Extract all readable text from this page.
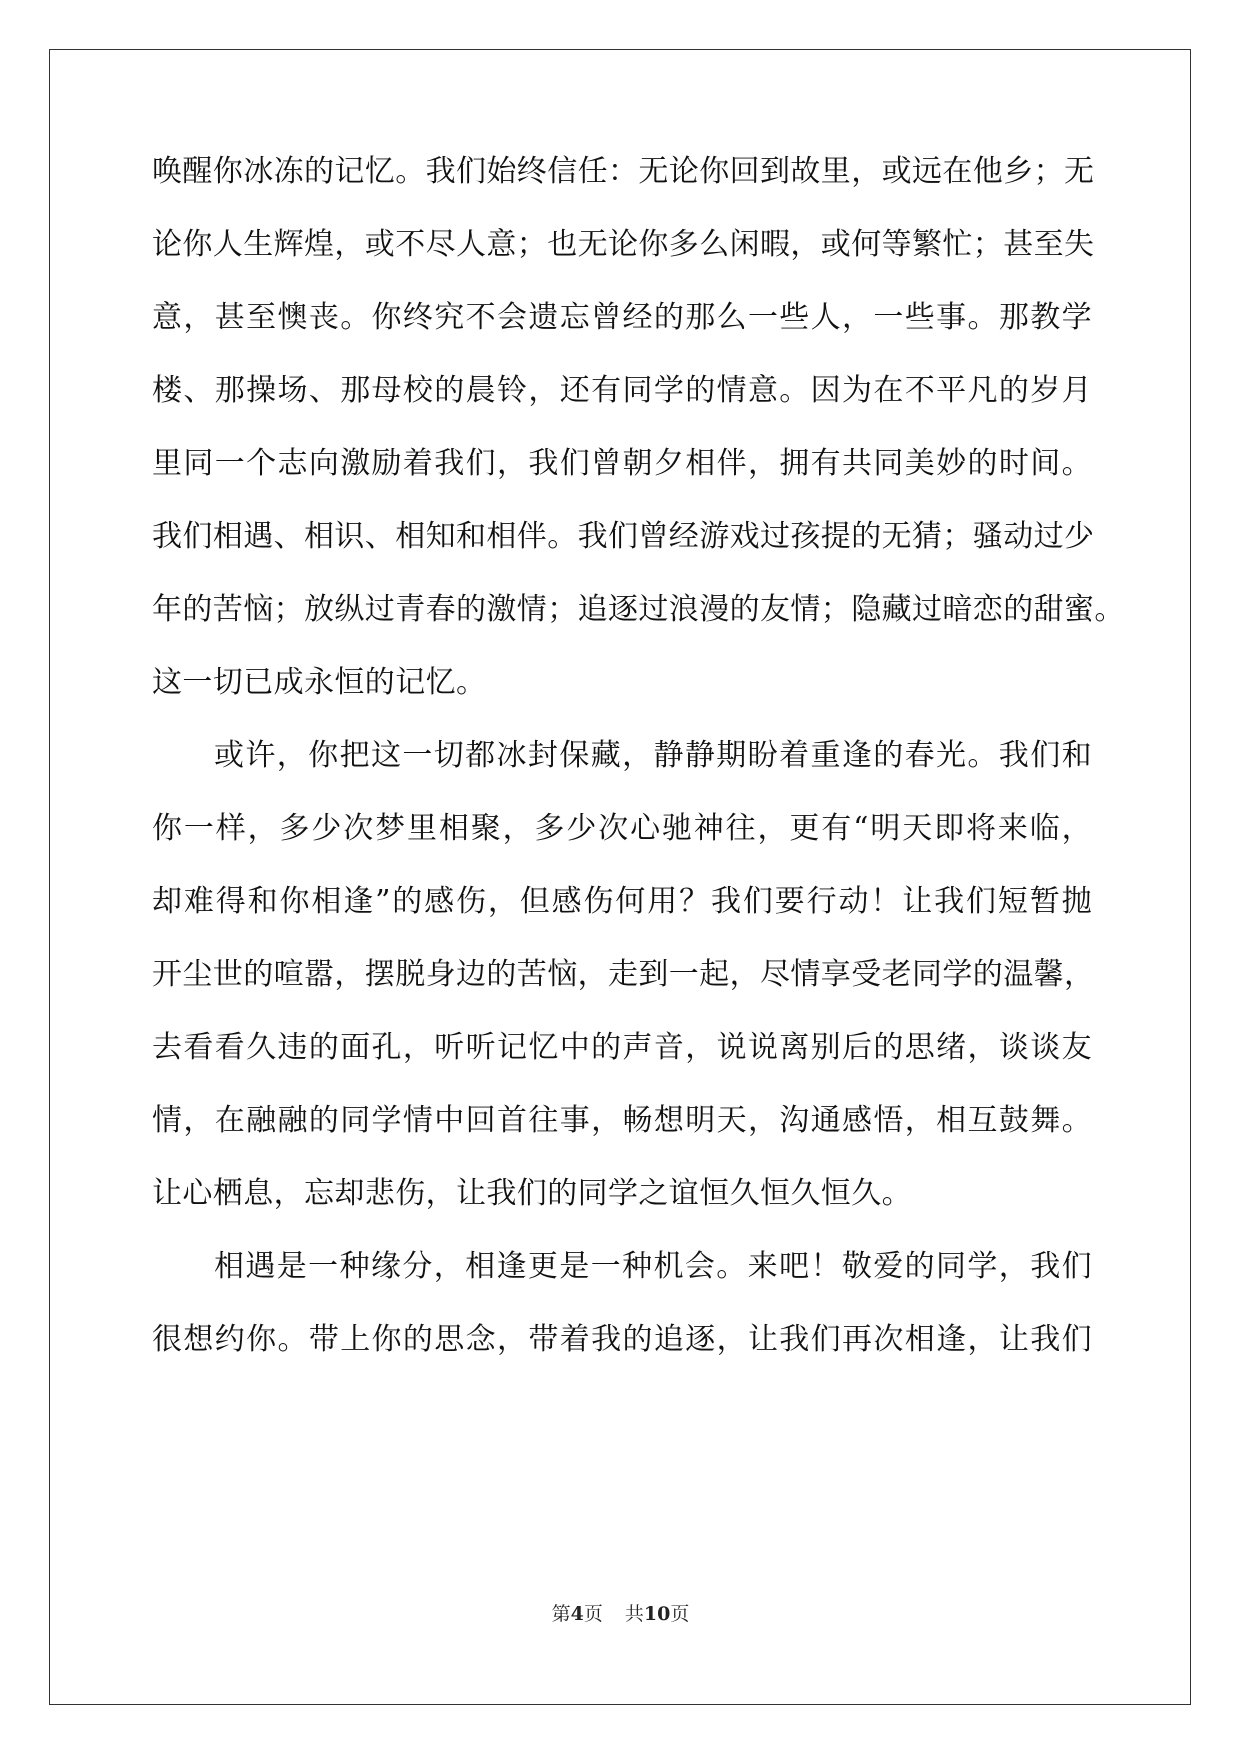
唤醒你冰冻的记忆。我们始终信任：无论你回到故里，或远在他乡；无
论你人生辉煌，或不尽人意；也无论你多么闲暇，或何等繁忙；甚至失
意，甚至懊丧。你终究不会遗忘曾经的那么一些人，一些事。那教学
楼、那操场、那母校的晨铃，还有同学的情意。因为在不平凡的岁月
里同一个志向激励着我们，我们曾朝夕相伴，拥有共同美妙的时间。
我们相遇、相识、相知和相伴。我们曾经游戏过孩提的无猜；骚动过少
年的苦恼；放纵过青春的激情；追逐过浪漫的友情；隐藏过暗恋的甜蜜。
这一切已成永恒的记忆。
或许，你把这一切都冰封保藏，静静期盼着重逢的春光。我们和
你一样，多少次梦里相聚，多少次心驰神往，更有“明天即将来临，
却难得和你相逢”的感伤，但感伤何用？我们要行动！让我们短暂抛
开尘世的喧嚣，摆脱身边的苦恼，走到一起，尽情享受老同学的温馨，
去看看久违的面孔，听听记忆中的声音，说说离别后的思绪，谈谈友
情，在融融的同学情中回首往事，畅想明天，沟通感悟，相互鼓舞。
让心栖息，忘却悲伤，让我们的同学之谊恒久恒久恒久。
相遇是一种缘分，相逢更是一种机会。来吧！敬爱的同学，我们
很想约你。带上你的思念，带着我的追逐，让我们再次相逢，让我们
第4页 共10页
